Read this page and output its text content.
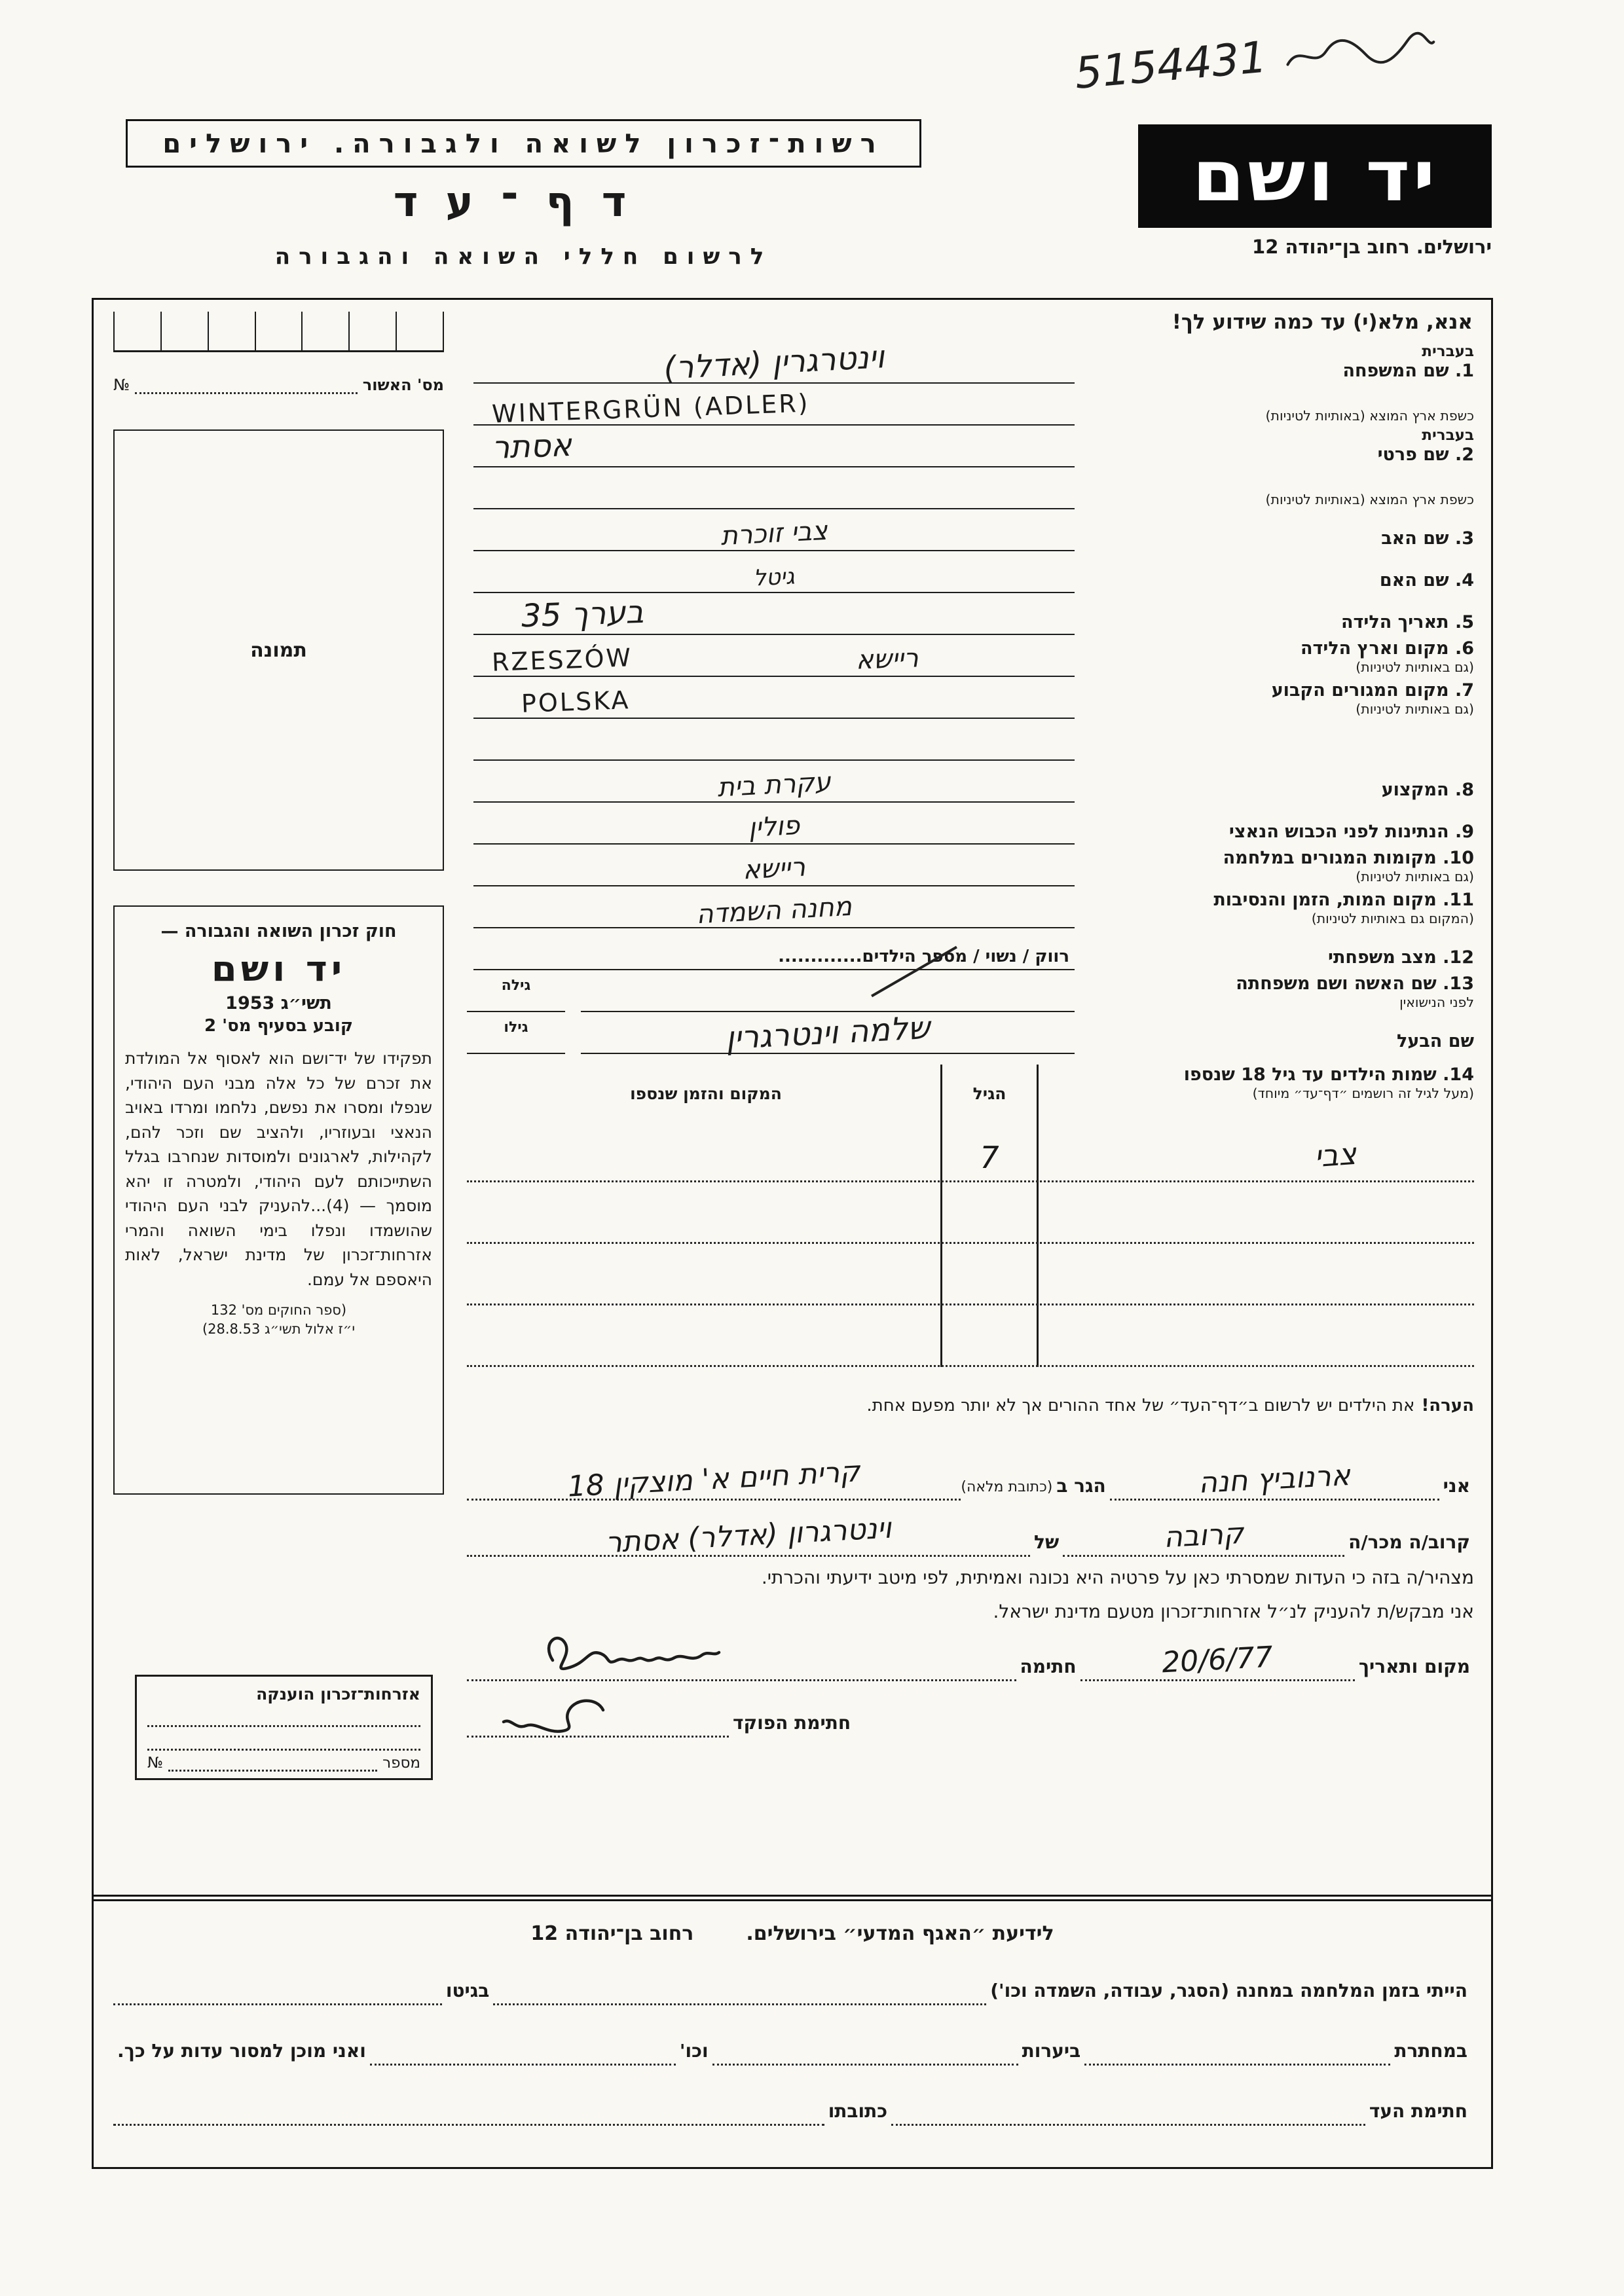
5154431
רשות־זכרון לשואה ולגבורה. ירושלים
דף־עד
לרשום חללי השואה והגבורה
יד ושם
ירושלים. רחוב בן־יהודה 12
אנא, מלא(י) עד כמה שידוע לך!
מס' האשור
№
תמונה
חוק זכרון השואה והגבורה —
יד ושם
תשי״ג 1953
קובע בסעיף מס' 2
תפקידו של יד־ושם הוא לאסוף אל המולדת את זכרם של כל אלה מבני העם היהודי, שנפלו ומסרו את נפשם, נלחמו ומרדו באויב הנאצי ובעוזריו, ולהציב שם וזכר להם, לקהילות, לארגונים ולמוסדות שנחרבו בגלל השתייכותם לעם היהודי, ולמטרה זו יהא מוסמך — (4)...להעניק לבני העם היהודי שהושמדו ונפלו בימי השואה והמרי אזרחות־זכרון של מדינת ישראל, לאות היאספם אל עמם.
(ספר החוקים מס' 132
י״ז אלול תשי״ג 28.8.53)
אזרחות־זכרון הוענקה
מספר
№
בעברית
1. שם המשפחה
וינטרגרין (אדלר)
כשפת ארץ המוצא (באותיות לטיניות)
(ADLER) WINTERGRÜN
בעברית
2. שם פרטי
אסתר
כשפת ארץ המוצא (באותיות לטיניות)
3. שם האב
צבי זוכרת
4. שם האם
גיטל
5. תאריך הלידה
בערך 35
6. מקום וארץ הלידה
(גם באותיות לטיניות)
RZESZÓW	ריישא
7. מקום המגורים הקבוע
(גם באותיות לטיניות)
POLSKA
8. המקצוע
עקרת בית
9. הנתינות לפני הכבוש הנאצי
פולין
10. מקומות המגורים במלחמה
(גם באותיות לטיניות)
ריישא
11. מקום המות, הזמן והנסיבות
(המקום גם באותיות לטיניות)
מחנה השמדה
12. מצב משפחתי
רווק / נשוי / מספר הילדים.............
13. שם האשה ושם משפחתה
לפני הנישואין
גילה
שם הבעל
שלמה וינטרגרין
גילו
14. שמות הילדים עד גיל 18 שנספו
(מעל לגיל זה רושמים ״דף־עד״ מיוחד)
המקום והזמן שנספו	הגיל
צבי
7
הערה!
את הילדים יש לרשום ב״דף־העד״ של אחד ההורים אך לא יותר מפעם אחת.
אני
ארנוביץ חנה
הגר ב
(כתובת מלאה)
קרית חיים א' מוצקין 18
קרוב/ה מכר/ה
קרובה
של
וינטרגרון (אדלר) אסתר
מצהיר/ה בזה כי העדות שמסרתי כאן על פרטיה היא נכונה ואמיתית, לפי מיטב ידיעתי והכרתי.
אני מבקש/ת להעניק לנ״ל אזרחות־זכרון מטעם מדינת ישראל.
מקום ותאריך
20/6/77
חתימה
חתימת הפוקד
לידיעת ״האגף המדעי״ בירושלים.
רחוב בן־יהודה 12
הייתי בזמן המלחמה במחנה (הסגר, עבודה, השמדה וכו')
בגיטו
במחתרת
ביערות
וכו'
ואני מוכן למסור עדות על כך.
חתימת העד
כתובתו
